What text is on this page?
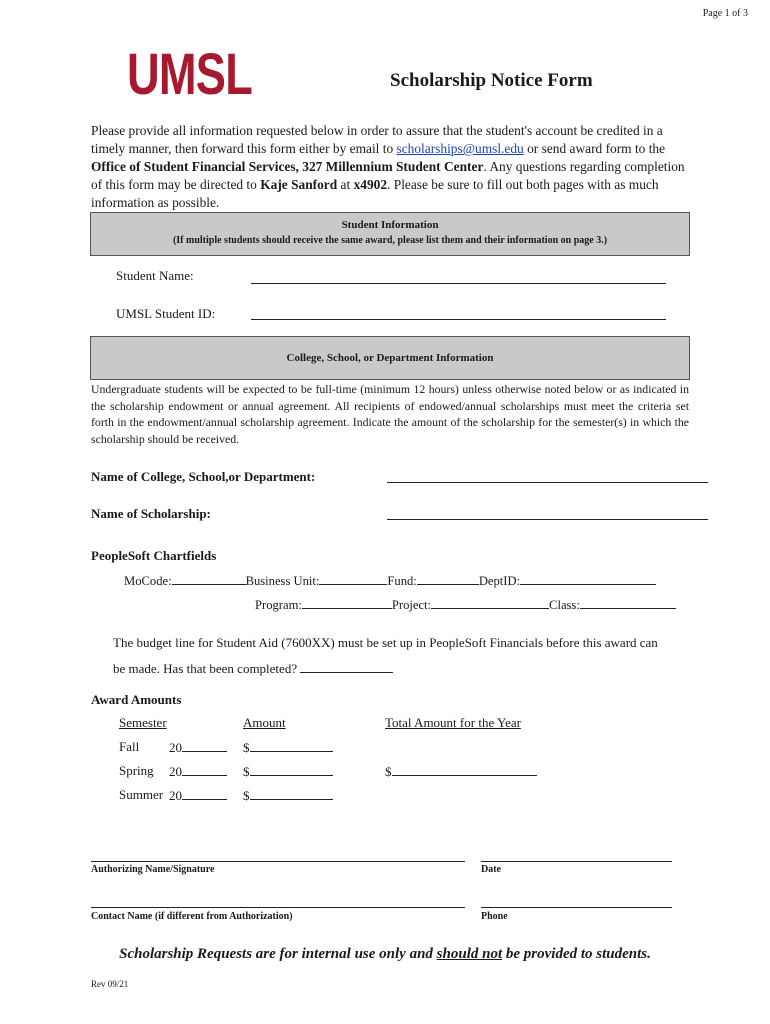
Page 1 of 3
UMSL	Scholarship Notice Form
Please provide all information requested below in order to assure that the student's account be credited in a timely manner, then forward this form either by email to scholarships@umsl.edu or send award form to the Office of Student Financial Services, 327 Millennium Student Center. Any questions regarding completion of this form may be directed to Kaje Sanford at x4902. Please be sure to fill out both pages with as much information as possible.
Student Information
(If multiple students should receive the same award, please list them and their information on page 3.)
Student Name:
UMSL Student ID:
College, School, or Department Information
Undergraduate students will be expected to be full-time (minimum 12 hours) unless otherwise noted below or as indicated in the scholarship endowment or annual agreement. All recipients of endowed/annual scholarships must meet the criteria set forth in the endowment/annual scholarship agreement. Indicate the amount of the scholarship for the semester(s) in which the scholarship should be received.
Name of College, School,or Department:
Name of Scholarship:
PeopleSoft Chartfields
MoCode:	Business Unit:	Fund:	DeptID:
Program:	Project:	Class:
The budget line for Student Aid (7600XX) must be set up in PeopleSoft Financials before this award can
be made. Has that been completed?
Award Amounts
Semester	Amount	Total Amount for the Year
Fall 20	$
Spring 20	$	$
Summer 20	$
Authorizing Name/Signature	Date
Contact Name (if different from Authorization)	Phone
Scholarship Requests are for internal use only and should not be provided to students.
Rev 09/21
